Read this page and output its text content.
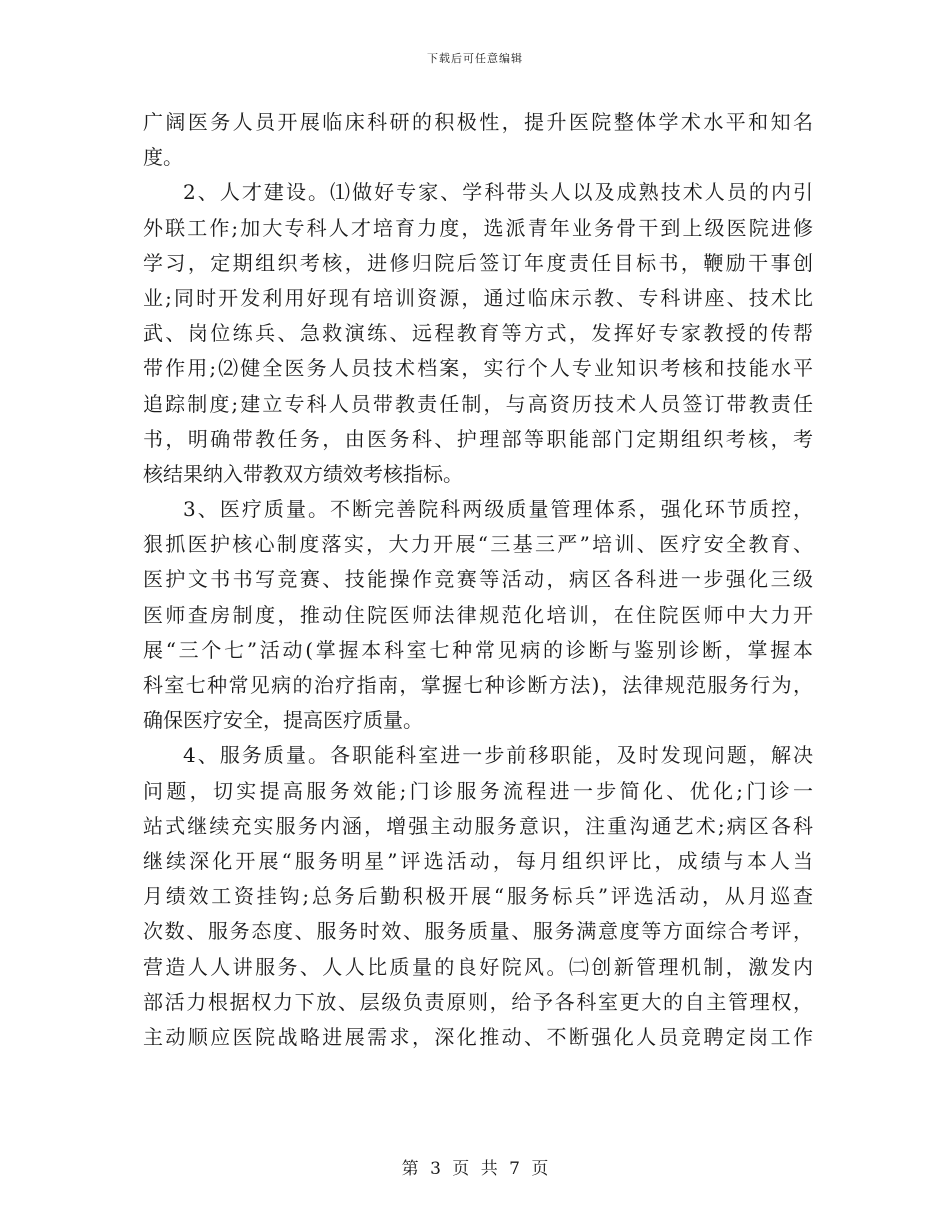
下载后可任意编辑
广阔医务人员开展临床科研的积极性，提升医院整体学术水平和知名
度。
2、人才建设。⑴做好专家、学科带头人以及成熟技术人员的内引
外联工作;加大专科人才培育力度，选派青年业务骨干到上级医院进修
学习，定期组织考核，进修归院后签订年度责任目标书，鞭励干事创
业;同时开发利用好现有培训资源，通过临床示教、专科讲座、技术比
武、岗位练兵、急救演练、远程教育等方式，发挥好专家教授的传帮
带作用;⑵健全医务人员技术档案，实行个人专业知识考核和技能水平
追踪制度;建立专科人员带教责任制，与高资历技术人员签订带教责任
书，明确带教任务，由医务科、护理部等职能部门定期组织考核，考
核结果纳入带教双方绩效考核指标。
3、医疗质量。不断完善院科两级质量管理体系，强化环节质控，
狠抓医护核心制度落实，大力开展“三基三严”培训、医疗安全教育、
医护文书书写竞赛、技能操作竞赛等活动，病区各科进一步强化三级
医师查房制度，推动住院医师法律规范化培训，在住院医师中大力开
展“三个七”活动(掌握本科室七种常见病的诊断与鉴别诊断，掌握本
科室七种常见病的治疗指南，掌握七种诊断方法)，法律规范服务行为，
确保医疗安全，提高医疗质量。
4、服务质量。各职能科室进一步前移职能，及时发现问题，解决
问题，切实提高服务效能;门诊服务流程进一步简化、优化;门诊一
站式继续充实服务内涵，增强主动服务意识，注重沟通艺术;病区各科
继续深化开展“服务明星”评选活动，每月组织评比，成绩与本人当
月绩效工资挂钩;总务后勤积极开展“服务标兵”评选活动，从月巡查
次数、服务态度、服务时效、服务质量、服务满意度等方面综合考评，
营造人人讲服务、人人比质量的良好院风。㈡创新管理机制，激发内
部活力根据权力下放、层级负责原则，给予各科室更大的自主管理权，
主动顺应医院战略进展需求，深化推动、不断强化人员竞聘定岗工作
第 3 页 共 7 页
